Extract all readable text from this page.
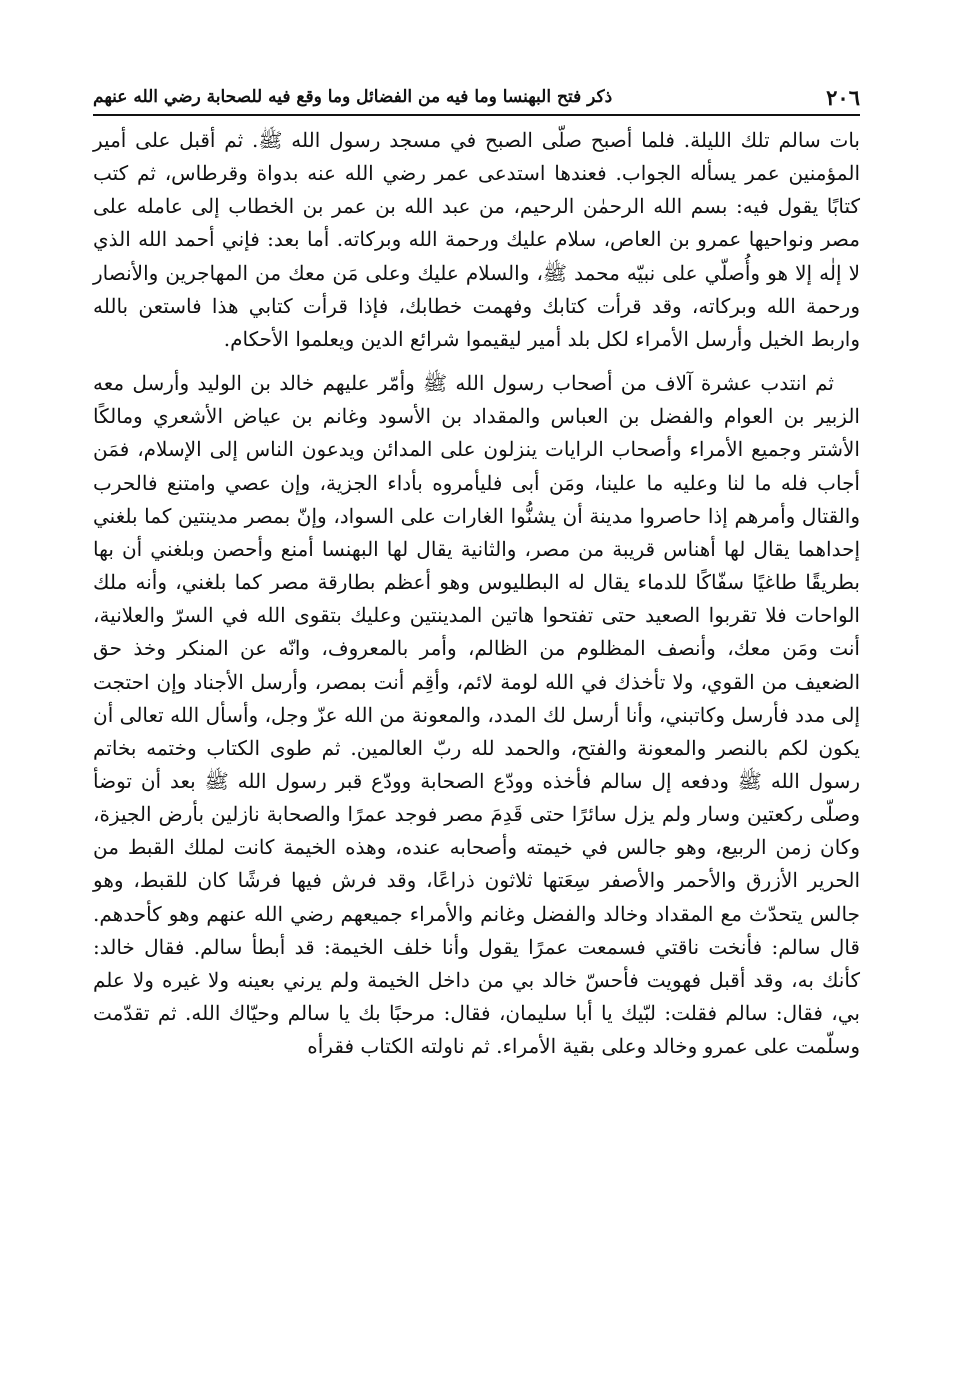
٢٠٦
ذكر فتح البهنسا وما فيه من الفضائل وما وقع فيه للصحابة رضي الله عنهم

بات سالم تلك الليلة. فلما أصبح صلّى الصبح في مسجد رسول الله ﷺ. ثم أقبل على أمير المؤمنين عمر يسأله الجواب. فعندها استدعى عمر رضي الله عنه بدواة وقرطاس، ثم كتب كتابًا يقول فيه: بسم الله الرحمٰن الرحيم، من عبد الله بن عمر بن الخطاب إلى عامله على مصر ونواحيها عمرو بن العاص، سلام عليك ورحمة الله وبركاته. أما بعد: فإني أحمد الله الذي لا إلٰه إلا هو وأُصلّي على نبيّه محمد ﷺ، والسلام عليك وعلى مَن معك من المهاجرين والأنصار ورحمة الله وبركاته، وقد قرأت كتابك وفهمت خطابك، فإذا قرأت كتابي هذا فاستعن بالله واربط الخيل وأرسل الأمراء لكل بلد أمير ليقيموا شرائع الدين ويعلموا الأحكام.

ثم انتدب عشرة آلاف من أصحاب رسول الله ﷺ وأمّر عليهم خالد بن الوليد وأرسل معه الزبير بن العوام والفضل بن العباس والمقداد بن الأسود وغانم بن عياض الأشعري ومالكًا الأشتر وجميع الأمراء وأصحاب الرايات ينزلون على المدائن ويدعون الناس إلى الإسلام، فمَن أجاب فله ما لنا وعليه ما علينا، ومَن أبى فليأمروه بأداء الجزية، وإن عصي وامتنع فالحرب والقتال وأمرهم إذا حاصروا مدينة أن يشنُّوا الغارات على السواد، وإنّ بمصر مدينتين كما بلغني إحداهما يقال لها أهناس قريبة من مصر، والثانية يقال لها البهنسا أمنع وأحصن وبلغني أن بها بطريقًا طاغيًا سفّاكًا للدماء يقال له البطليوس وهو أعظم بطارقة مصر كما بلغني، وأنه ملك الواحات فلا تقربوا الصعيد حتى تفتحوا هاتين المدينتين وعليك بتقوى الله في السرّ والعلانية، أنت ومَن معك، وأنصف المظلوم من الظالم، وأمر بالمعروف، وانّه عن المنكر وخذ حق الضعيف من القوي، ولا تأخذك في الله لومة لائم، وأقِم أنت بمصر، وأرسل الأجناد وإن احتجت إلى مدد فأرسل وكاتبني، وأنا أرسل لك المدد، والمعونة من الله عزّ وجل، وأسأل الله تعالى أن يكون لكم بالنصر والمعونة والفتح، والحمد لله ربّ العالمين. ثم طوى الكتاب وختمه بخاتم رسول الله ﷺ ودفعه إل سالم فأخذه وودّع الصحابة وودّع قبر رسول الله ﷺ بعد أن توضأ وصلّى ركعتين وسار ولم يزل سائرًا حتى قَدِمَ مصر فوجد عمرًا والصحابة نازلين بأرض الجيزة، وكان زمن الربيع، وهو جالس في خيمته وأصحابه عنده، وهذه الخيمة كانت لملك القبط من الحرير الأزرق والأحمر والأصفر سِعَتها ثلاثون ذراعًا، وقد فرش فيها فرشًا كان للقبط، وهو جالس يتحدّث مع المقداد وخالد والفضل وغانم والأمراء جميعهم رضي الله عنهم وهو كأحدهم. قال سالم: فأنخت ناقتي فسمعت عمرًا يقول وأنا خلف الخيمة: قد أبطأ سالم. فقال خالد: كأنك به، وقد أقبل فهويت فأحسّ خالد بي من داخل الخيمة ولم يرني بعينه ولا غيره ولا علم بي، فقال: سالم فقلت: لبّيك يا أبا سليمان، فقال: مرحبًا بك يا سالم وحيّاك الله. ثم تقدّمت وسلّمت على عمرو وخالد وعلى بقية الأمراء. ثم ناولته الكتاب فقرأه
